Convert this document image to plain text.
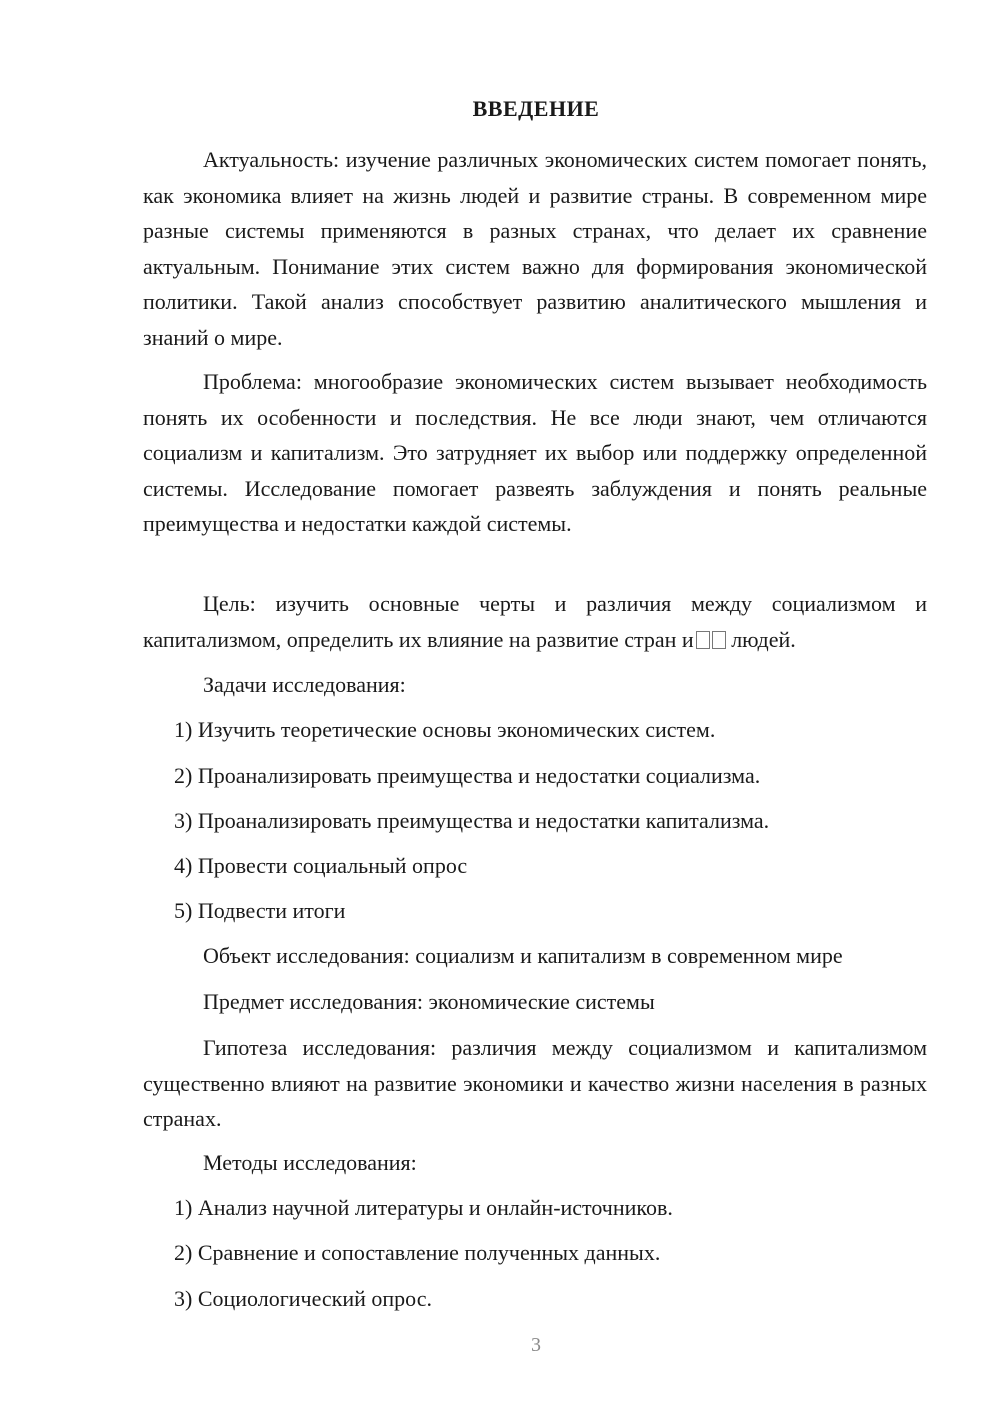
ВВЕДЕНИЕ
Актуальность: изучение различных экономических систем помогает понять, как экономика влияет на жизнь людей и развитие страны. В современном мире разные системы применяются в разных странах, что делает их сравнение актуальным. Понимание этих систем важно для формирования экономической политики. Такой анализ способствует развитию аналитического мышления и знаний о мире.
Проблема: многообразие экономических систем вызывает необходимость понять их особенности и последствия. Не все люди знают, чем отличаются социализм и капитализм. Это затрудняет их выбор или поддержку определенной системы. Исследование помогает развеять заблуждения и понять реальные преимущества и недостатки каждой системы.
Цель: изучить основные черты и различия между социализмом и капитализмом, определить их влияние на развитие стран и людей.
Задачи исследования:
1) Изучить теоретические основы экономических систем.
2) Проанализировать преимущества и недостатки социализма.
3) Проанализировать преимущества и недостатки капитализма.
4) Провести социальный опрос
5) Подвести итоги
Объект исследования: социализм и капитализм в современном мире
Предмет исследования: экономические системы
Гипотеза исследования: различия между социализмом и капитализмом существенно влияют на развитие экономики и качество жизни населения в разных странах.
Методы исследования:
1) Анализ научной литературы и онлайн-источников.
2) Сравнение и сопоставление полученных данных.
3) Социологический опрос.
3
